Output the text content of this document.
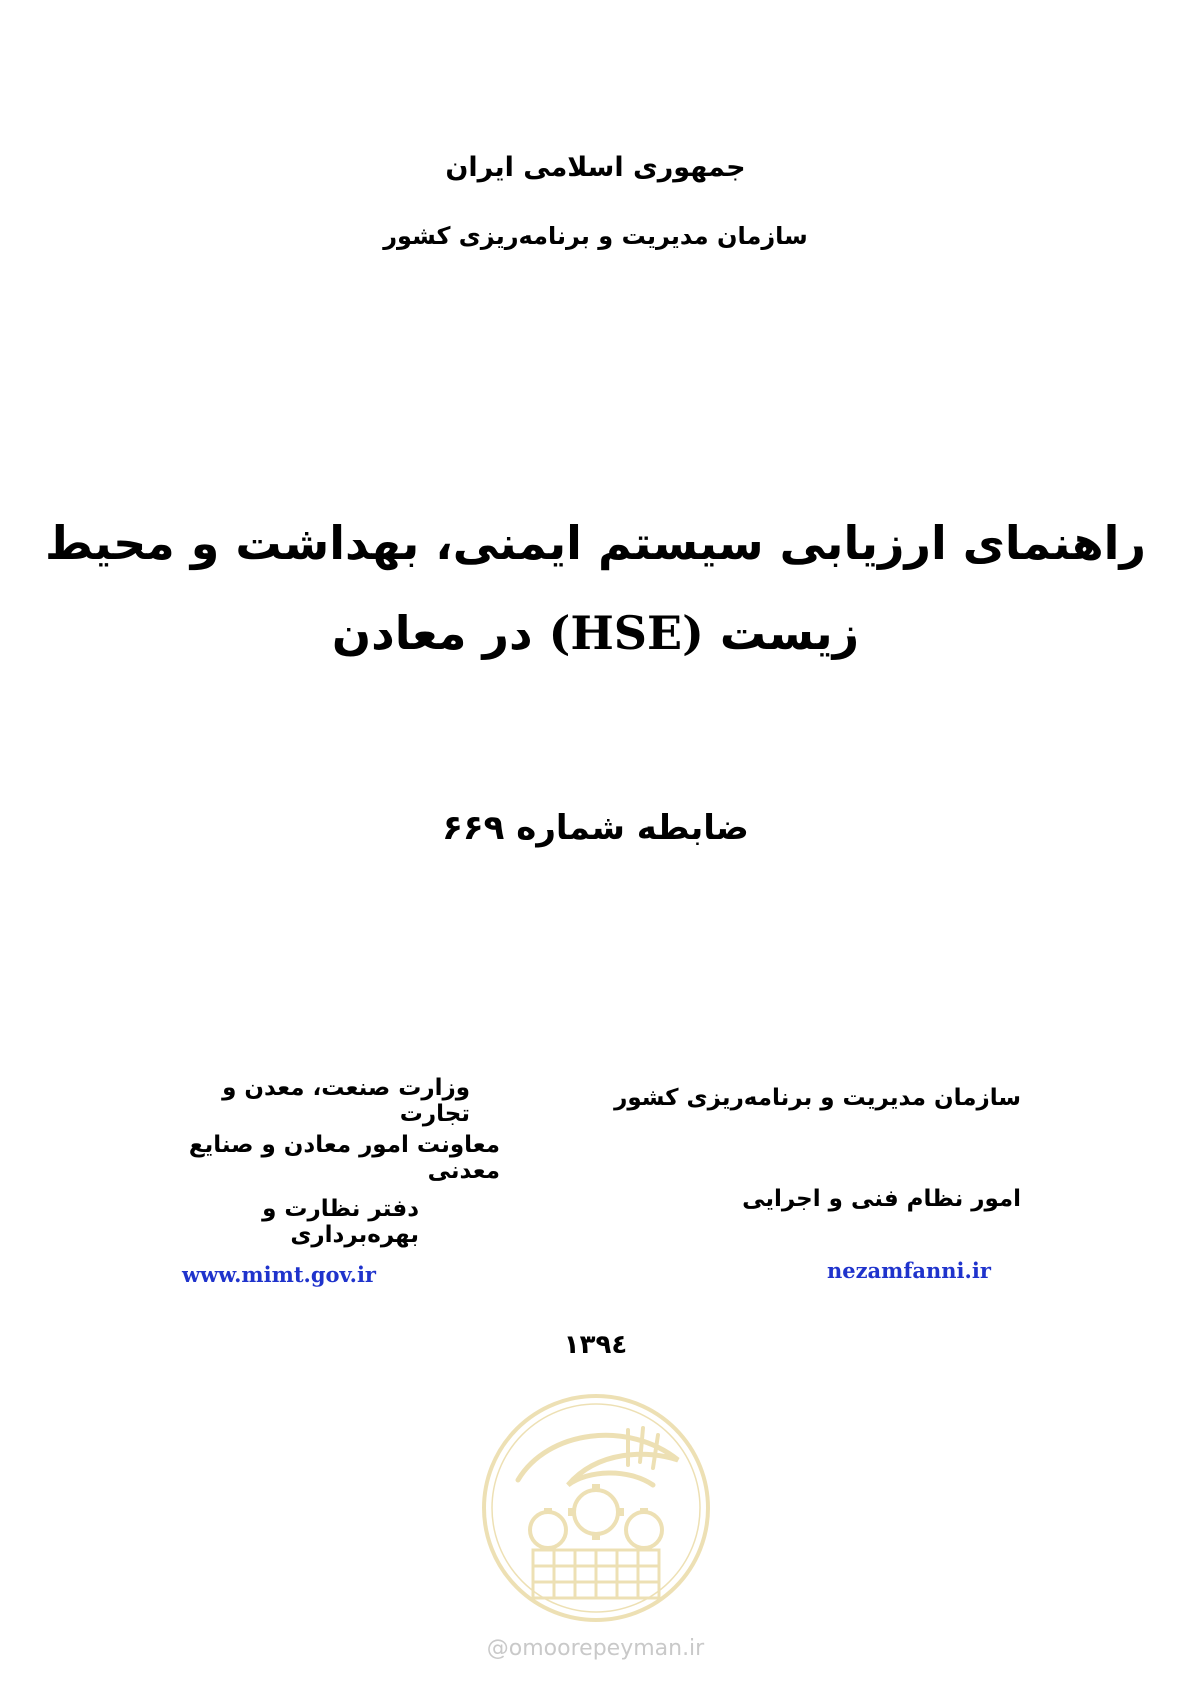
جمهوری اسلامی ایران
سازمان مدیریت و برنامه‌ریزی کشور
راهنمای ارزیابی سیستم ایمنی، بهداشت و محیط
زیست (HSE) در معادن
ضابطه شماره ۶۶۹
وزارت صنعت، معدن و تجارت
معاونت امور معادن و صنایع معدنی
دفتر نظارت و بهره‌برداری
www.mimt.gov.ir
سازمان مدیریت و برنامه‌ریزی کشور
امور نظام فنی و اجرایی
nezamfanni.ir
۱۳۹٤
@omoorepeyman.ir
